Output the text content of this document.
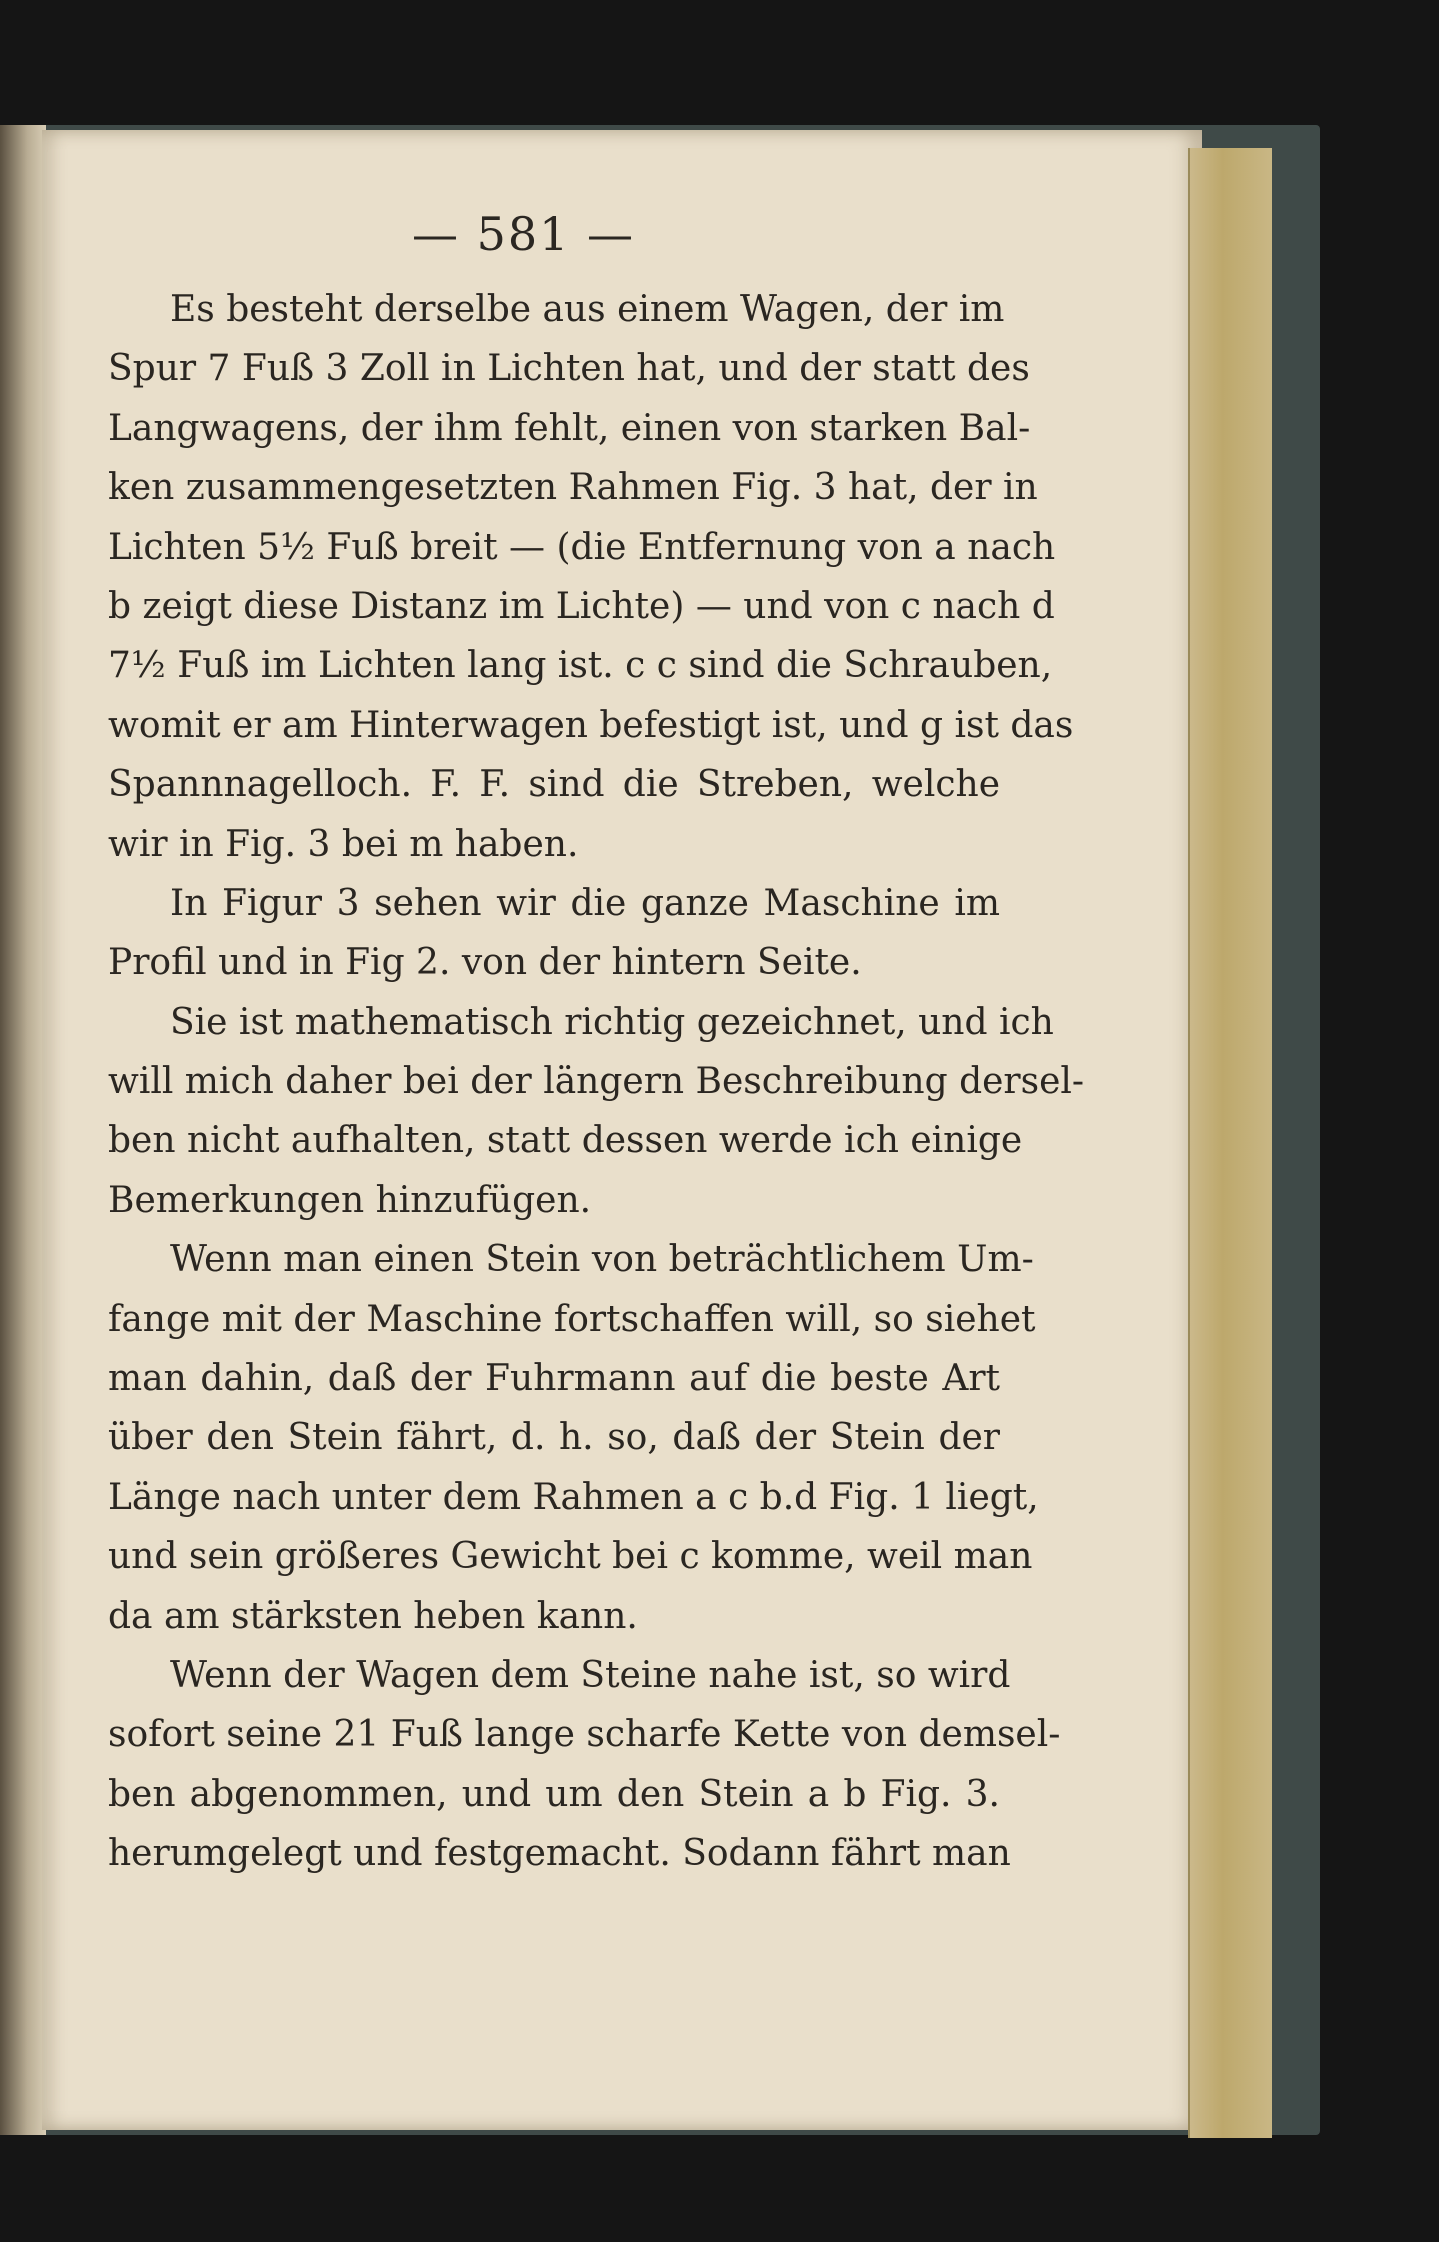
— 581 —
Es besteht derselbe aus einem Wagen, der im
Spur 7 Fuß 3 Zoll in Lichten hat, und der statt des
Langwagens, der ihm fehlt, einen von starken Bal-
ken zusammengesetzten Rahmen Fig. 3 hat, der in
Lichten 5½ Fuß breit — (die Entfernung von a nach
b zeigt diese Distanz im Lichte) — und von c nach d
7½ Fuß im Lichten lang ist. c c sind die Schrauben,
womit er am Hinterwagen befestigt ist, und g ist das
Spannnagelloch. F. F. sind die Streben, welche
wir in Fig. 3 bei m haben.
In Figur 3 sehen wir die ganze Maschine im
Profil und in Fig 2. von der hintern Seite.
Sie ist mathematisch richtig gezeichnet, und ich
will mich daher bei der längern Beschreibung dersel-
ben nicht aufhalten, statt dessen werde ich einige
Bemerkungen hinzufügen.
Wenn man einen Stein von beträchtlichem Um-
fange mit der Maschine fortschaffen will, so siehet
man dahin, daß der Fuhrmann auf die beste Art
über den Stein fährt, d. h. so, daß der Stein der
Länge nach unter dem Rahmen a c b.d Fig. 1 liegt,
und sein größeres Gewicht bei c komme, weil man
da am stärksten heben kann.
Wenn der Wagen dem Steine nahe ist, so wird
sofort seine 21 Fuß lange scharfe Kette von demsel-
ben abgenommen, und um den Stein a b Fig. 3.
herumgelegt und festgemacht. Sodann fährt man
